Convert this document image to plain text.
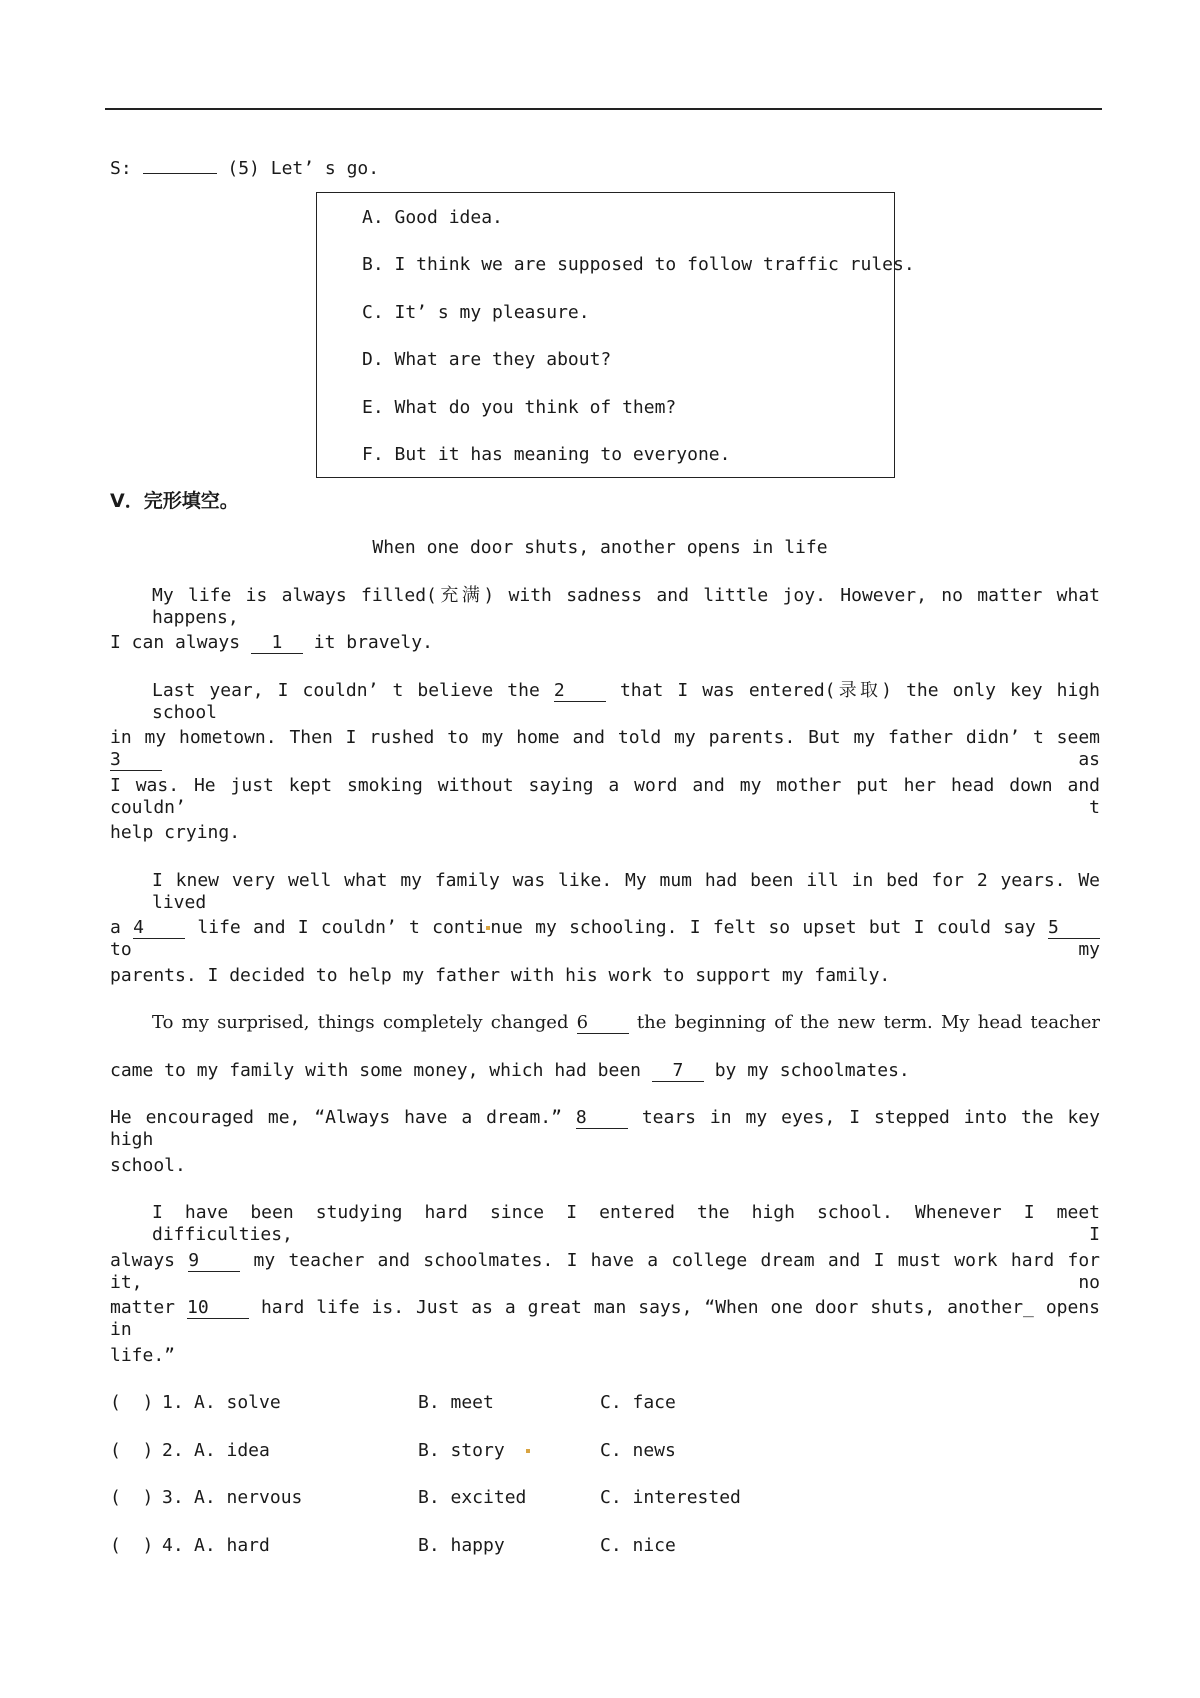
S:	(5) Let’ s go.
A. Good idea.
B. I think we are supposed to follow traffic rules.
C. It’ s my pleasure.
D. What are they about?
E. What do you think of them?
F. But it has meaning to everyone.
V．完形填空。
When one door shuts, another opens in life
My life is always filled(充满) with sadness and little joy. However, no matter what happens,
I can always 1 it bravely.
Last year, I couldn’ t believe the 2	that I was entered(录取) the only key high school
in my hometown. Then I rushed to my home and told my parents. But my father didn’ t seem 3	as
I was. He just kept smoking without saying a word and my mother put her head down and couldn’ t
help crying.
I knew very well what my family was like. My mum had been ill in bed for 2 years. We lived
a 4	life and I couldn’ t conti nue my schooling. I felt so upset but I could say 5 to my
parents. I decided to help my father with his work to support my family.
To my surprised, things completely changed 6	the beginning of the new term. My head teacher
came to my family with some money, which had been 7 by my schoolmates.
He encouraged me, “Always have a dream.” 8	tears in my eyes, I stepped into the key high
school.
I have been studying hard since I entered the high school. Whenever I meet difficulties, I
always 9	my teacher and schoolmates. I have a college dream and I must work hard for it, no
matter 10	hard life is. Just as a great man says, “When one door shuts, another_ opens in
life.”
(  ) 1. A. solve	B. meet	C. face
(  ) 2. A. idea	B. story	C. news
(  ) 3. A. nervous	B. excited	C. interested
(  ) 4. A. hard	B. happy	C. nice
